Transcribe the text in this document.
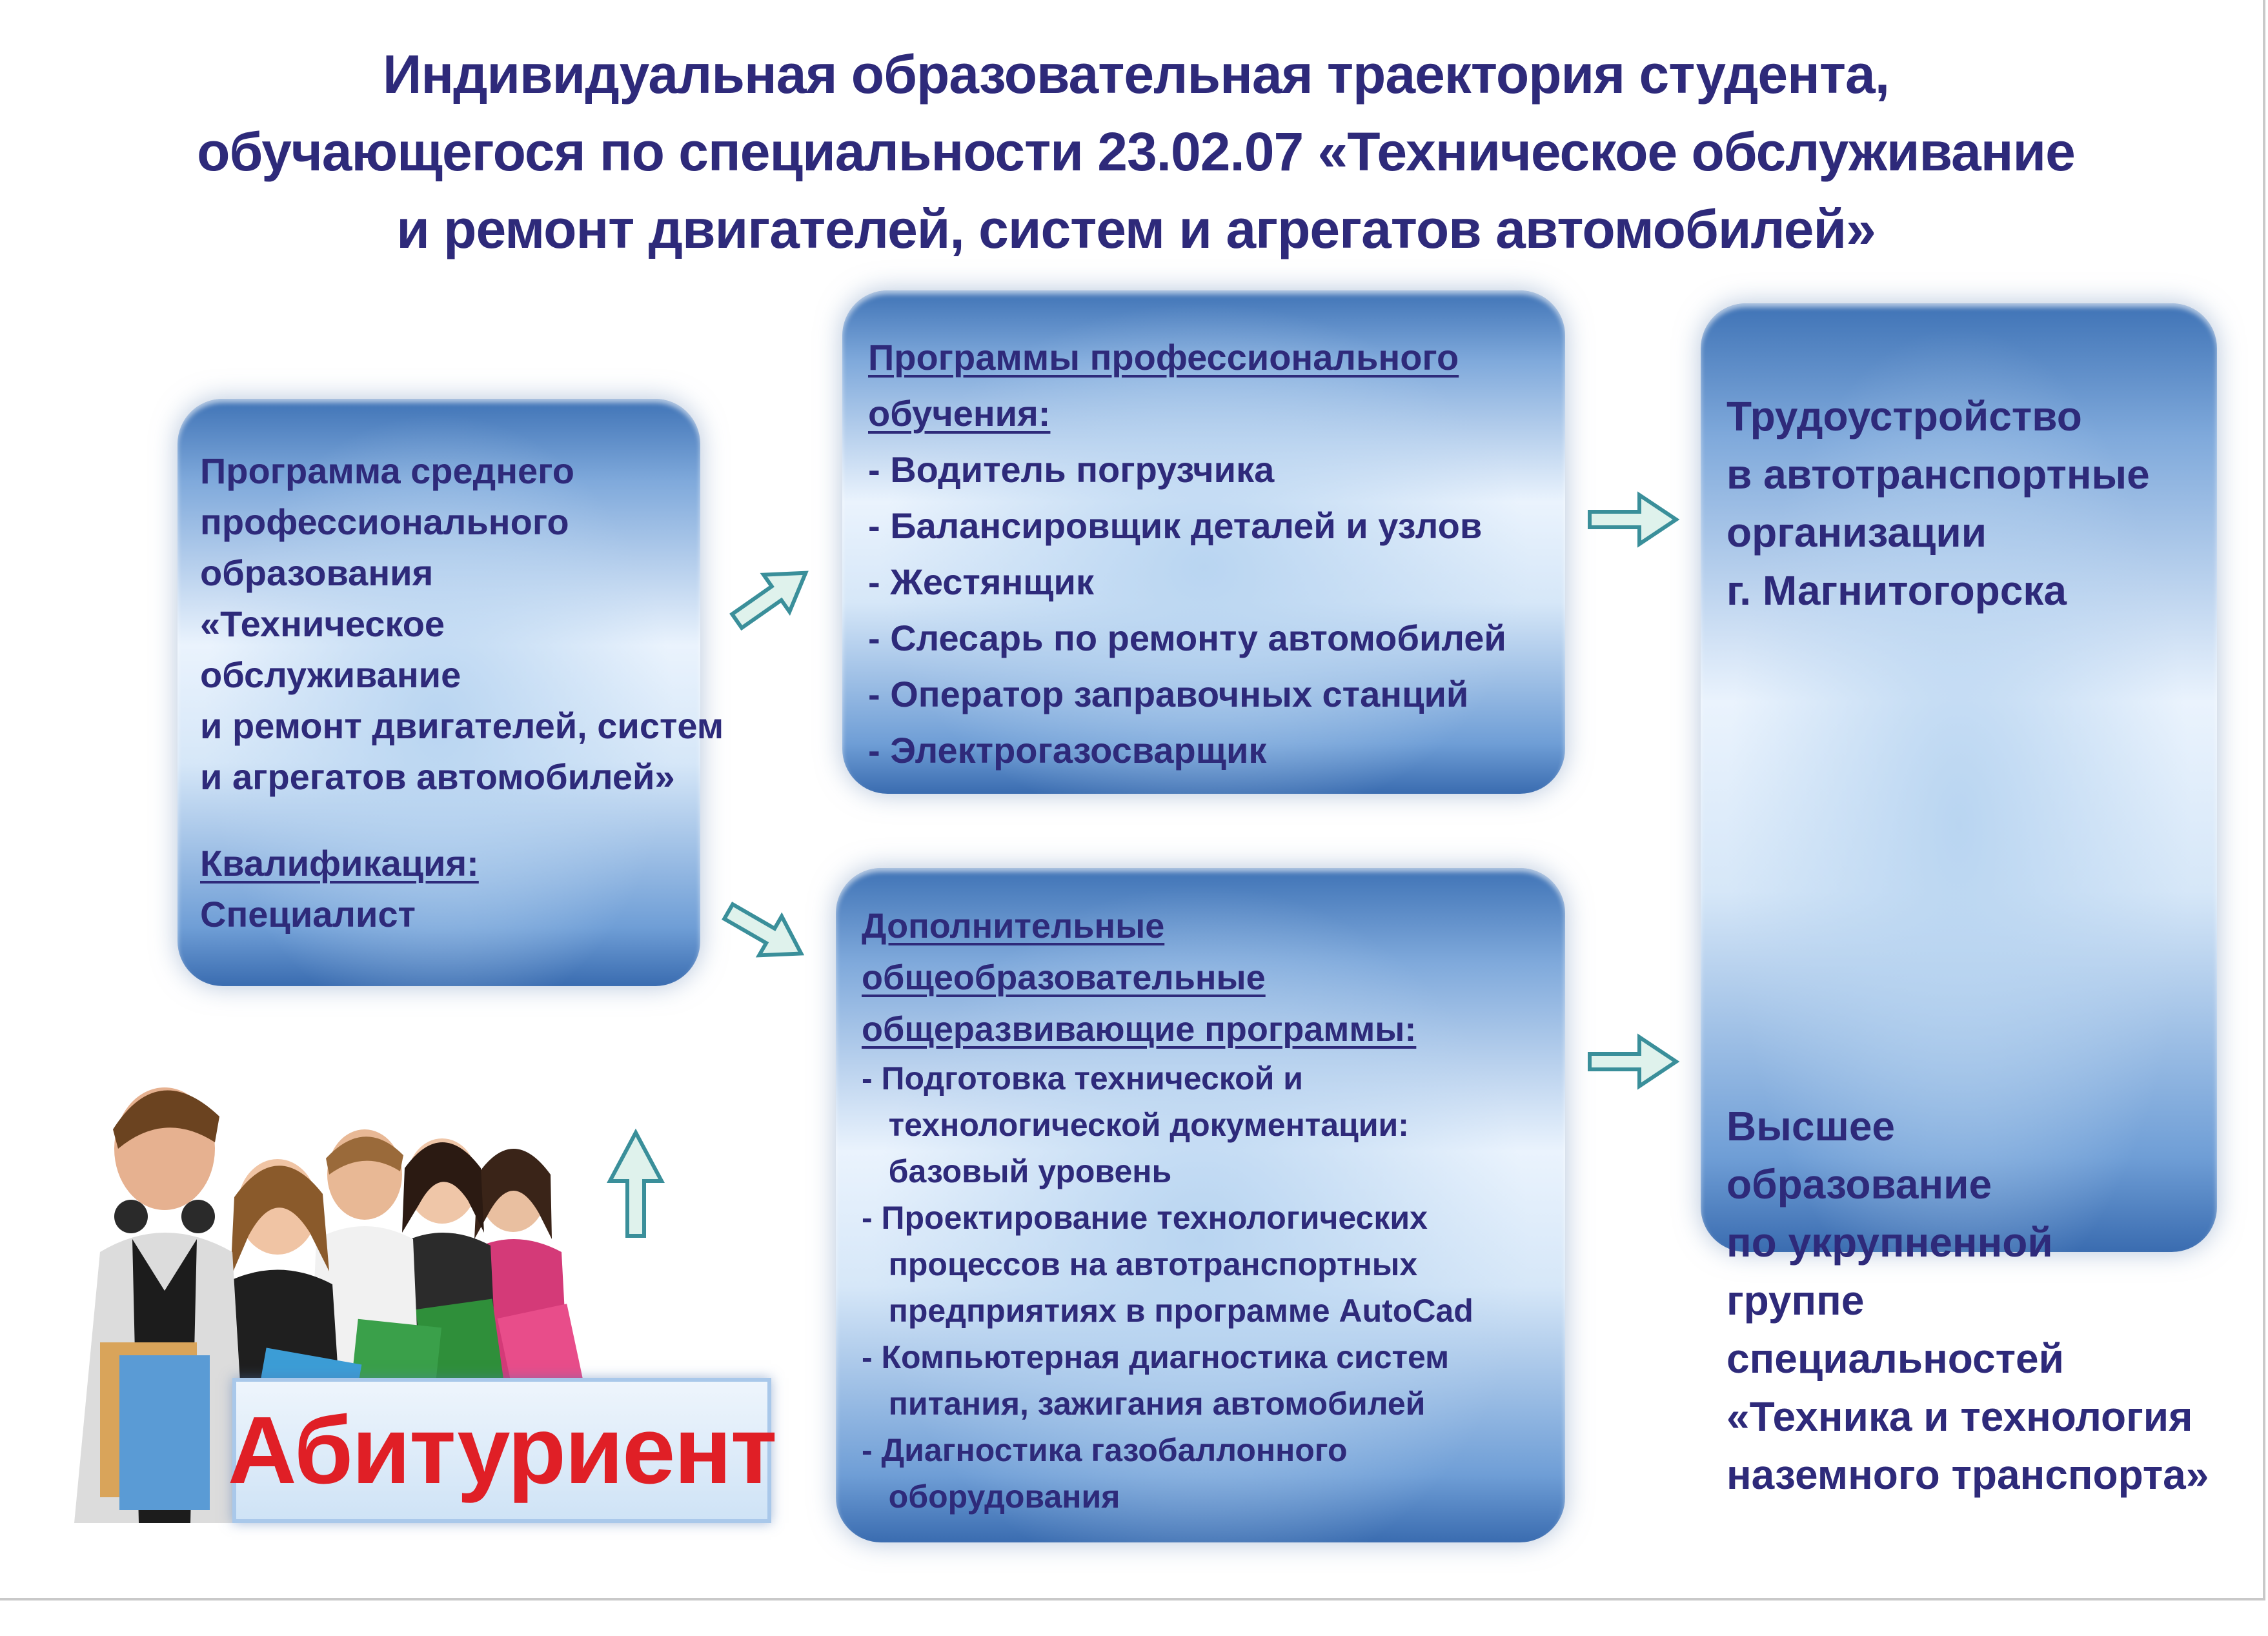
Индивидуальная образовательная траектория студента,
обучающегося по специальности 23.02.07 «Техническое обслуживание
и ремонт двигателей, систем и агрегатов автомобилей»
Программа среднего
профессионального
образования
«Техническое
обслуживание
и ремонт двигателей, систем
и агрегатов автомобилей»
Квалификация:
Специалист
Программы профессионального
обучения:
- Водитель погрузчика
- Балансировщик деталей и узлов
- Жестянщик
- Слесарь по ремонту автомобилей
- Оператор заправочных станций
- Электрогазосварщик
Дополнительные
общеобразовательные
общеразвивающие программы:
- Подготовка технической и
технологической документации:
базовый уровень
- Проектирование технологических
процессов на автотранспортных
предприятиях в программе AutoCad
- Компьютерная диагностика систем
питания, зажигания автомобилей
- Диагностика газобаллонного
оборудования
Трудоустройство
в автотранспортные
организации
г. Магнитогорска
Высшее
образование
по укрупненной
группе
специальностей
«Техника и технология
наземного транспорта»
Абитуриент
